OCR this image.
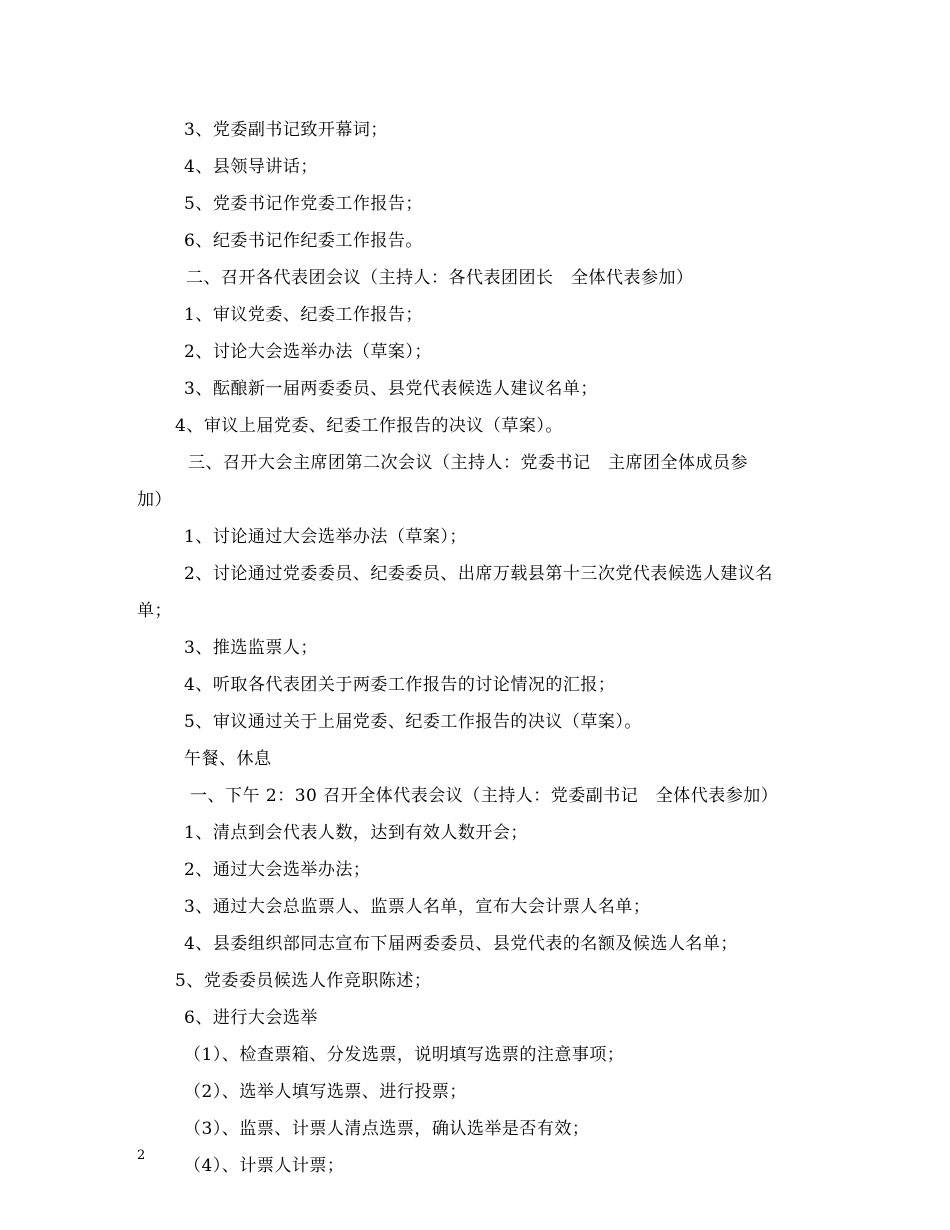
3、党委副书记致开幕词；
4、县领导讲话；
5、党委书记作党委工作报告；
6、纪委书记作纪委工作报告。
二、召开各代表团会议（主持人：各代表团团长　全体代表参加）
1、审议党委、纪委工作报告；
2、讨论大会选举办法（草案）；
3、酝酿新一届两委委员、县党代表候选人建议名单；
4、审议上届党委、纪委工作报告的决议（草案）。
三、召开大会主席团第二次会议（主持人：党委书记　主席团全体成员参
加）
1、讨论通过大会选举办法（草案）；
2、讨论通过党委委员、纪委委员、出席万载县第十三次党代表候选人建议名
单；
3、推选监票人；
4、听取各代表团关于两委工作报告的讨论情况的汇报；
5、审议通过关于上届党委、纪委工作报告的决议（草案）。
午餐、休息
一、下午 2：30 召开全体代表会议（主持人：党委副书记　全体代表参加）
1、清点到会代表人数，达到有效人数开会；
2、通过大会选举办法；
3、通过大会总监票人、监票人名单，宣布大会计票人名单；
4、县委组织部同志宣布下届两委委员、县党代表的名额及候选人名单；
5、党委委员候选人作竞职陈述；
6、进行大会选举
（1）、检查票箱、分发选票，说明填写选票的注意事项；
（2）、选举人填写选票、进行投票；
（3）、监票、计票人清点选票，确认选举是否有效；
（4）、计票人计票；
2
